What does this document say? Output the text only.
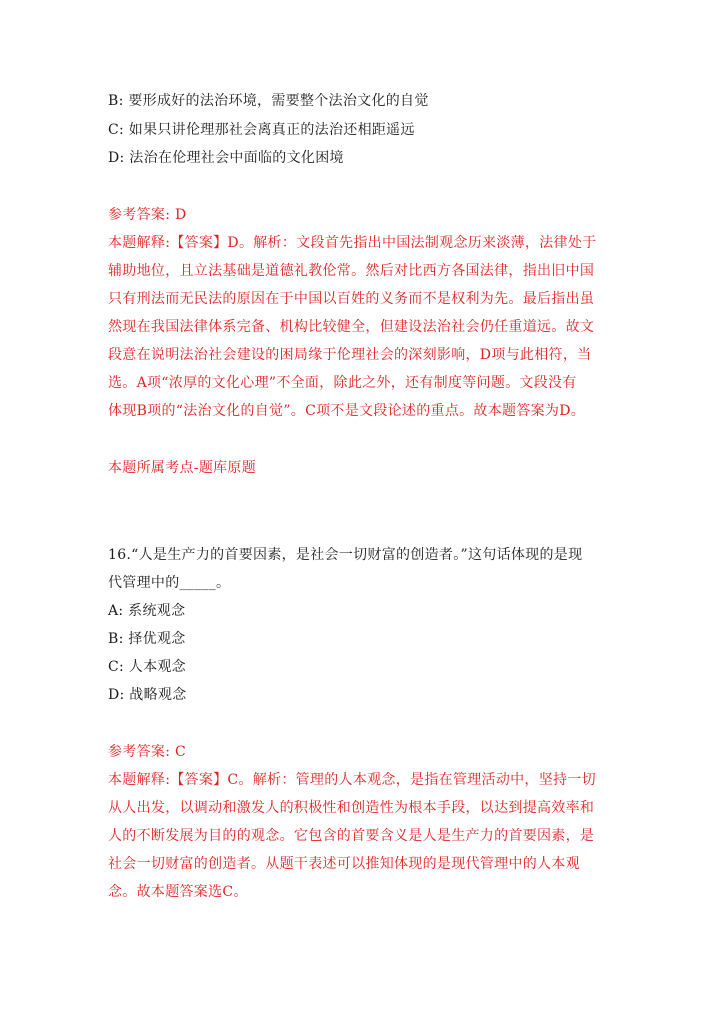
B: 要形成好的法治环境，需要整个法治文化的自觉
C: 如果只讲伦理那社会离真正的法治还相距遥远
D: 法治在伦理社会中面临的文化困境
参考答案: D
本题解释:【答案】D。解析：文段首先指出中国法制观念历来淡薄，法律处于
辅助地位，且立法基础是道德礼教伦常。然后对比西方各国法律，指出旧中国
只有刑法而无民法的原因在于中国以百姓的义务而不是权利为先。最后指出虽
然现在我国法律体系完备、机构比较健全，但建设法治社会仍任重道远。故文
段意在说明法治社会建设的困局缘于伦理社会的深刻影响，D项与此相符，当
选。A项“浓厚的文化心理”不全面，除此之外，还有制度等问题。文段没有
体现B项的“法治文化的自觉”。C项不是文段论述的重点。故本题答案为D。
本题所属考点-题库原题
16.“人是生产力的首要因素，是社会一切财富的创造者。”这句话体现的是现
代管理中的_____。
A: 系统观念
B: 择优观念
C: 人本观念
D: 战略观念
参考答案: C
本题解释:【答案】C。解析：管理的人本观念，是指在管理活动中，坚持一切
从人出发，以调动和激发人的积极性和创造性为根本手段，以达到提高效率和
人的不断发展为目的的观念。它包含的首要含义是人是生产力的首要因素，是
社会一切财富的创造者。从题干表述可以推知体现的是现代管理中的人本观
念。故本题答案选C。
